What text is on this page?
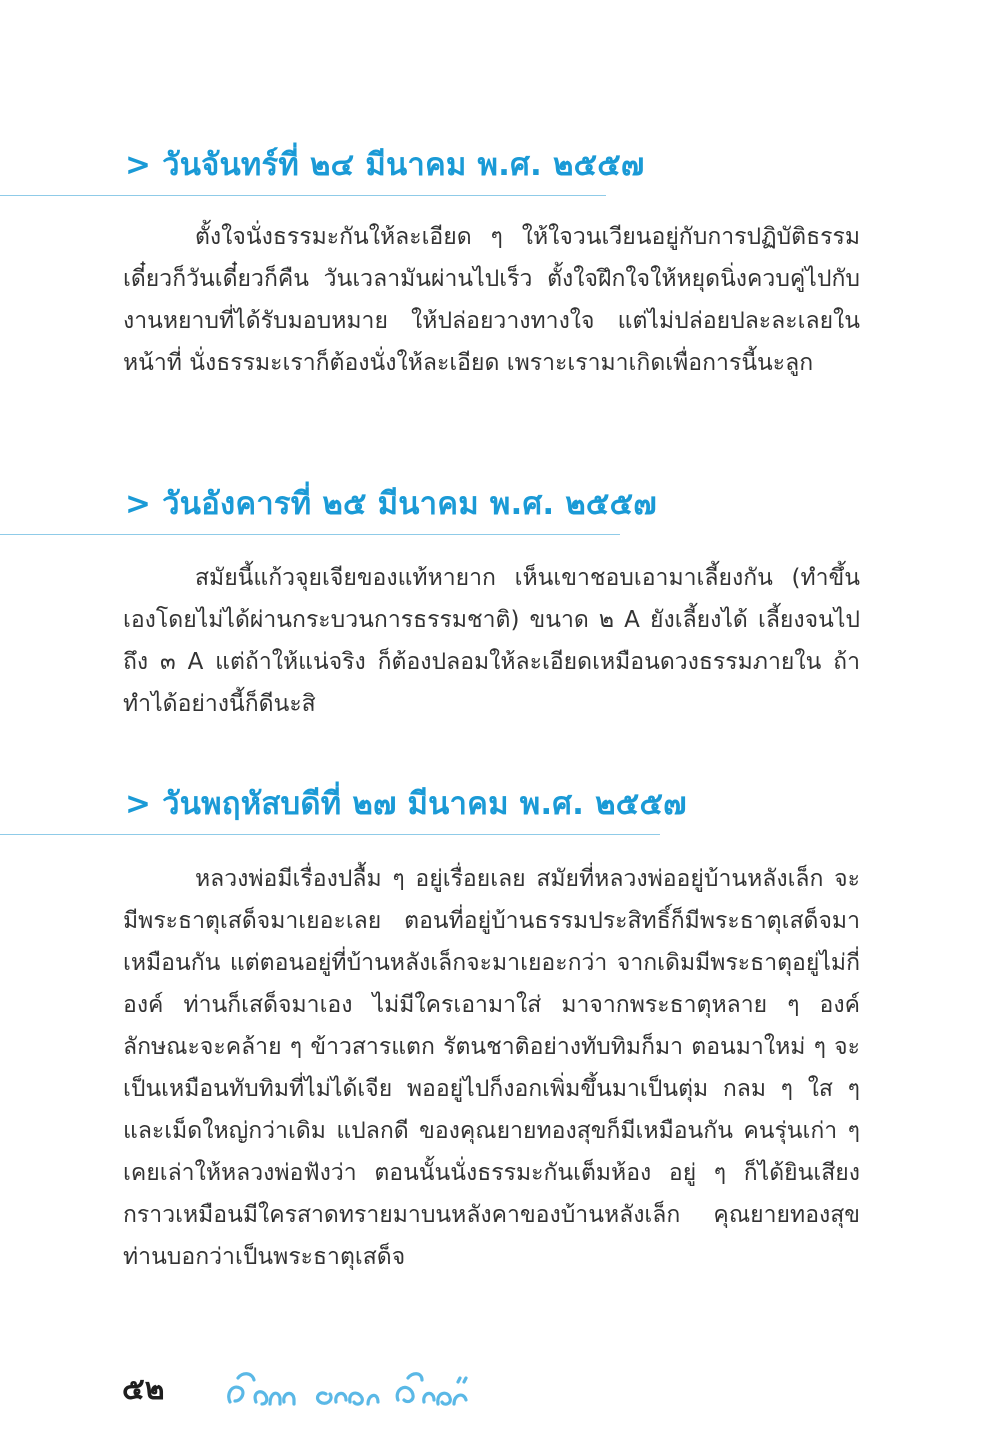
> วันจันทร์ที่ ๒๔ มีนาคม พ.ศ. ๒๕๕๗

ตั้งใจนั่งธรรมะกันให้ละเอียด ๆ ให้ใจวนเวียนอยู่กับการปฏิบัติธรรม เดี๋ยวก็วันเดี๋ยวก็คืน วันเวลามันผ่านไปเร็ว ตั้งใจฝึกใจให้หยุดนิ่งควบคู่ไปกับงานหยาบที่ได้รับมอบหมาย ให้ปล่อยวางทางใจ แต่ไม่ปล่อยปละละเลยในหน้าที่ นั่งธรรมะเราก็ต้องนั่งให้ละเอียด เพราะเรามาเกิดเพื่อการนี้นะลูก

> วันอังคารที่ ๒๕ มีนาคม พ.ศ. ๒๕๕๗

สมัยนี้แก้วจุยเจียของแท้หายาก เห็นเขาชอบเอามาเลี้ยงกัน (ทำขึ้นเองโดยไม่ได้ผ่านกระบวนการธรรมชาติ) ขนาด ๒ A ยังเลี้ยงได้ เลี้ยงจนไปถึง ๓ A แต่ถ้าให้แน่จริง ก็ต้องปลอมให้ละเอียดเหมือนดวงธรรมภายใน ถ้าทำได้อย่างนี้ก็ดีนะสิ

> วันพฤหัสบดีที่ ๒๗ มีนาคม พ.ศ. ๒๕๕๗

หลวงพ่อมีเรื่องปลื้ม ๆ อยู่เรื่อยเลย สมัยที่หลวงพ่ออยู่บ้านหลังเล็ก จะมีพระธาตุเสด็จมาเยอะเลย ตอนที่อยู่บ้านธรรมประสิทธิ์ก็มีพระธาตุเสด็จมาเหมือนกัน แต่ตอนอยู่ที่บ้านหลังเล็กจะมาเยอะกว่า จากเดิมมีพระธาตุอยู่ไม่กี่องค์ ท่านก็เสด็จมาเอง ไม่มีใครเอามาใส่ มาจากพระธาตุหลาย ๆ องค์ ลักษณะจะคล้าย ๆ ข้าวสารแตก รัตนชาติอย่างทับทิมก็มา ตอนมาใหม่ ๆ จะเป็นเหมือนทับทิมที่ไม่ได้เจีย พออยู่ไปก็งอกเพิ่มขึ้นมาเป็นตุ่ม กลม ๆ ใส ๆ และเม็ดใหญ่กว่าเดิม แปลกดี ของคุณยายทองสุขก็มีเหมือนกัน คนรุ่นเก่า ๆ เคยเล่าให้หลวงพ่อฟังว่า ตอนนั้นนั่งธรรมะกันเต็มห้อง อยู่ ๆ ก็ได้ยินเสียงกราวเหมือนมีใครสาดทรายมาบนหลังคาของบ้านหลังเล็ก คุณยายทองสุขท่านบอกว่าเป็นพระธาตุเสด็จ

๕๒
